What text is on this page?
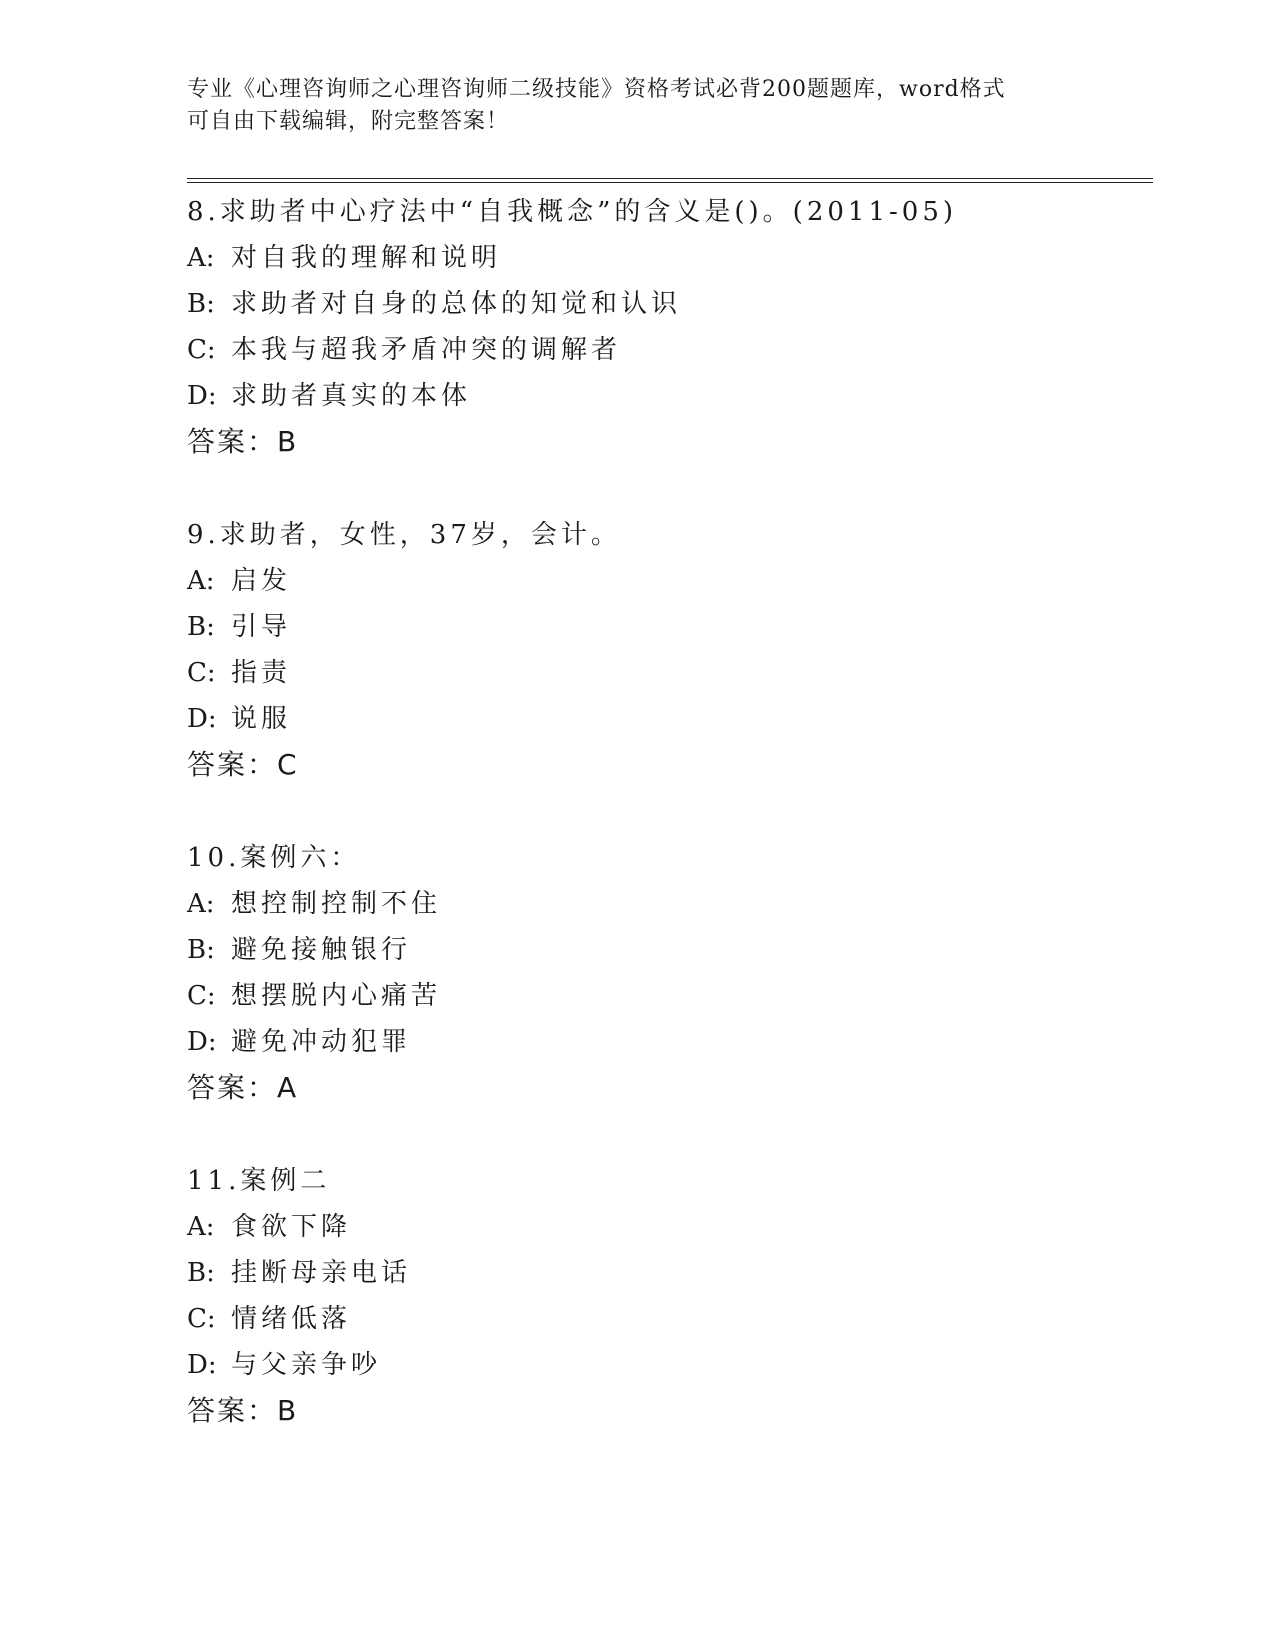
专业《心理咨询师之心理咨询师二级技能》资格考试必背200题题库，word格式
可自由下载编辑，附完整答案！
8.求助者中心疗法中“自我概念”的含义是()。(2011-05)
A: 对自我的理解和说明
B: 求助者对自身的总体的知觉和认识
C: 本我与超我矛盾冲突的调解者
D: 求助者真实的本体
答案：B
9.求助者，女性，37岁，会计。
A: 启发
B: 引导
C: 指责
D: 说服
答案：C
10.案例六：
A: 想控制控制不住
B: 避免接触银行
C: 想摆脱内心痛苦
D: 避免冲动犯罪
答案：A
11.案例二
A: 食欲下降
B: 挂断母亲电话
C: 情绪低落
D: 与父亲争吵
答案：B
